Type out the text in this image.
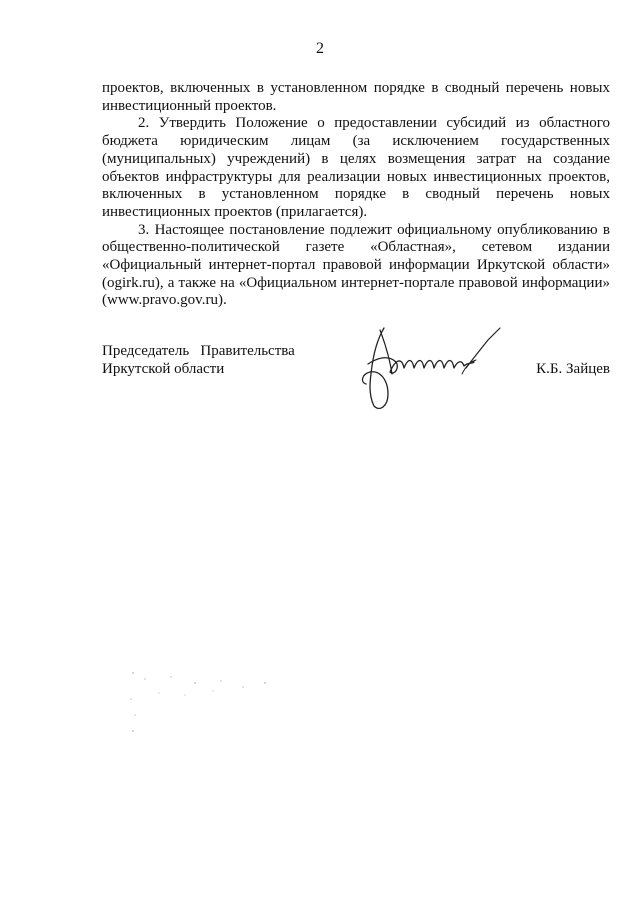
2

проектов, включенных в установленном порядке в сводный перечень новых инвестиционный проектов.

2. Утвердить Положение о предоставлении субсидий из областного бюджета юридическим лицам (за исключением государственных (муниципальных) учреждений) в целях возмещения затрат на создание объектов инфраструктуры для реализации новых инвестиционных проектов, включенных в установленном порядке в сводный перечень новых инвестиционных проектов (прилагается).

3. Настоящее постановление подлежит официальному опубликованию в общественно-политической газете «Областная», сетевом издании «Официальный интернет-портал правовой информации Иркутской области» (ogirk.ru), а также на «Официальном интернет-портале правовой информации» (www.pravo.gov.ru).

Председатель   Правительства
Иркутской области	К.Б. Зайцев
